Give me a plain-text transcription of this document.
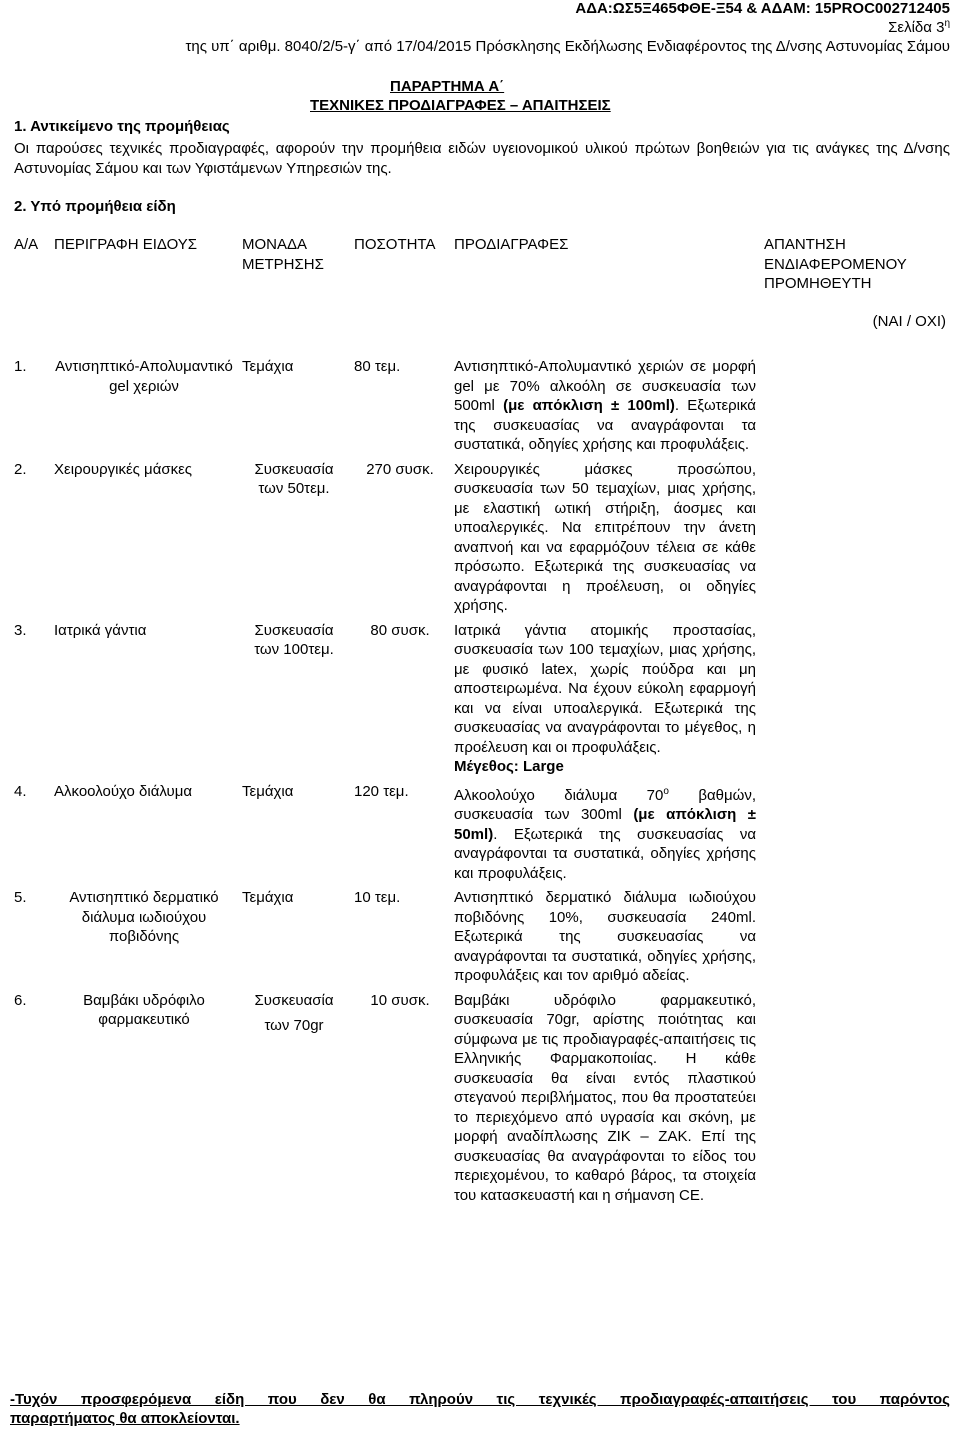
ΑΔΑ:ΩΣ5Ξ465ΦΘΕ-Ξ54 & ΑΔΑΜ: 15PROC002712405
Σελίδα $3^\eta$
της υπ΄ αριθμ. 8040/2/5-γ΄ από 17/04/2015 Πρόσκλησης Εκδήλωσης Ενδιαφέροντος της Δ/νσης Αστυνομίας Σάμου
ΠΑΡΑΡΤΗΜΑ Α΄
ΤΕΧΝΙΚΕΣ ΠΡΟΔΙΑΓΡΑΦΕΣ – ΑΠΑΙΤΗΣΕΙΣ
1. Αντικείμενο της προμήθειας
Οι παρούσες τεχνικές προδιαγραφές, αφορούν την προμήθεια ειδών υγειονομικού υλικού πρώτων βοηθειών για τις ανάγκες της Δ/νσης Αστυνομίας Σάμου και των Υφιστάμενων Υπηρεσιών της.
2. Υπό προμήθεια είδη
Α/Α	ΠΕΡΙΓΡΑΦΗ ΕΙΔΟΥΣ	ΜΟΝΑΔΑ ΜΕΤΡΗΣΗΣ	ΠΟΣΟΤΗΤΑ	ΠΡΟΔΙΑΓΡΑΦΕΣ	ΑΠΑΝΤΗΣΗ ΕΝΔΙΑΦΕΡΟΜΕΝΟΥ ΠΡΟΜΗΘΕΥΤΗ
(ΝΑΙ / ΟΧΙ)

1.	Αντισηπτικό-Απολυμαντικό gel χεριών	Τεμάχια	80 τεμ.	Αντισηπτικό-Απολυμαντικό χεριών σε μορφή gel με 70% αλκοόλη σε συσκευασία των 500ml (με απόκλιση ± 100ml). Εξωτερικά της συσκευασίας να αναγράφονται τα συστατικά, οδηγίες χρήσης και προφυλάξεις.	
2.	Χειρουργικές μάσκες	Συσκευασία των 50τεμ.	270 συσκ.	Χειρουργικές μάσκες προσώπου, συσκευασία των 50 τεμαχίων, μιας χρήσης, με ελαστική ωτική στήριξη, άοσμες και υποαλεργικές. Να επιτρέπουν την άνετη αναπνοή και να εφαρμόζουν τέλεια σε κάθε πρόσωπο. Εξωτερικά της συσκευασίας να αναγράφονται η προέλευση, οι οδηγίες χρήσης.	
3.	Ιατρικά γάντια	Συσκευασία των 100τεμ.	80 συσκ.	Ιατρικά γάντια ατομικής προστασίας, συσκευασία των 100 τεμαχίων, μιας χρήσης, με φυσικό latex, χωρίς πούδρα και μη αποστειρωμένα. Να έχουν εύκολη εφαρμογή και να είναι υποαλεργικά. Εξωτερικά της συσκευασίας να αναγράφονται το μέγεθος, η προέλευση και οι προφυλάξεις.
Μέγεθος: Large	
4.	Αλκοολούχο διάλυμα	Τεμάχια	120 τεμ.	Αλκοολούχο διάλυμα $70^o$ βαθμών, συσκευασία των 300ml (με απόκλιση ± 50ml). Εξωτερικά της συσκευασίας να αναγράφονται τα συστατικά, οδηγίες χρήσης και προφυλάξεις.	
5.	Αντισηπτικό δερματικό διάλυμα ιωδιούχου ποβιδόνης	Τεμάχια	10 τεμ.	Αντισηπτικό δερματικό διάλυμα ιωδιούχου ποβιδόνης 10%, συσκευασία 240ml. Εξωτερικά της συσκευασίας να αναγράφονται τα συστατικά, οδηγίες χρήσης, προφυλάξεις και τον αριθμό αδείας.	
6.	Βαμβάκι υδρόφιλο φαρμακευτικό	Συσκευασία
των 70gr	10 συσκ.	Βαμβάκι υδρόφιλο φαρμακευτικό, συσκευασία 70gr, αρίστης ποιότητας και σύμφωνα με τις προδιαγραφές-απαιτήσεις τις Ελληνικής Φαρμακοποιίας. Η κάθε συσκευασία θα είναι εντός πλαστικού στεγανού περιβλήματος, που θα προστατεύει το περιεχόμενο από υγρασία και σκόνη, με μορφή αναδίπλωσης ZIK – ZAK. Επί της συσκευασίας θα αναγράφονται το είδος του περιεχομένου, το καθαρό βάρος, τα στοιχεία του κατασκευαστή και η σήμανση CE.	
-Τυχόν προσφερόμενα είδη που δεν θα πληρούν τις τεχνικές προδιαγραφές-απαιτήσεις του παρόντος
παραρτήματος θα αποκλείονται.
